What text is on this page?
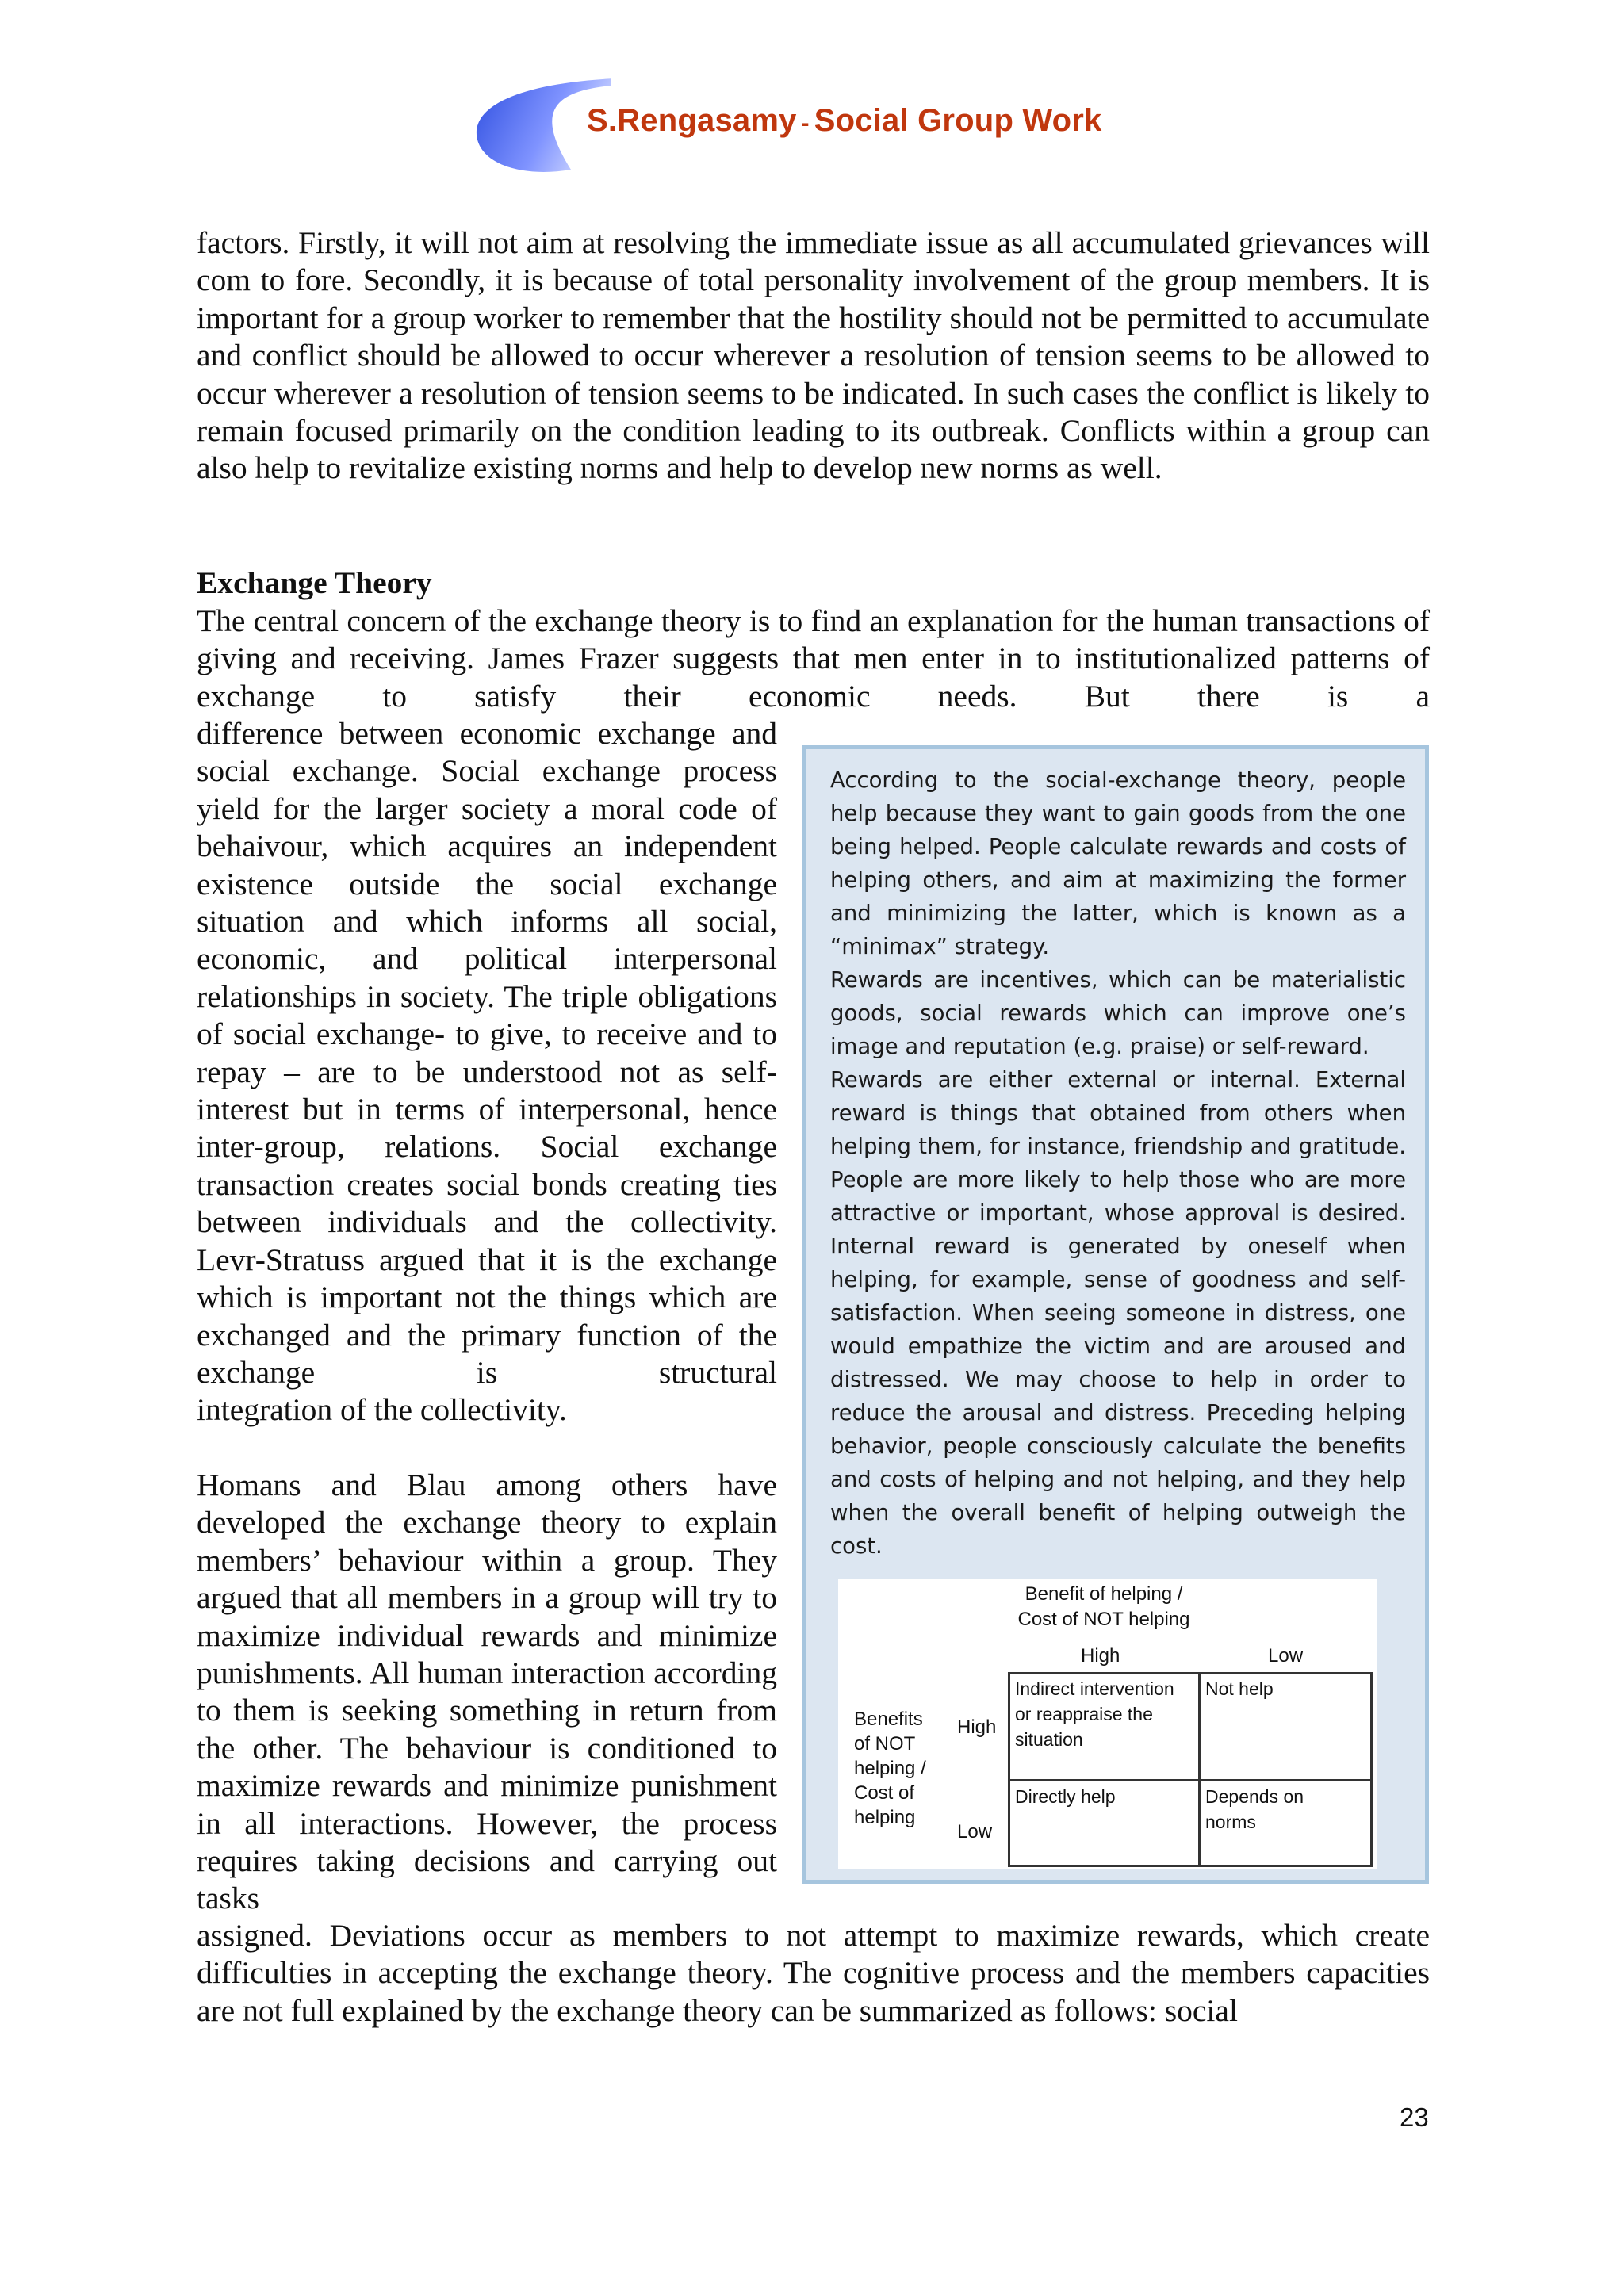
S.Rengasamy - Social Group Work

factors. Firstly, it will not aim at resolving the immediate issue as all accumulated grievances will com to fore. Secondly, it is because of total personality involvement of the group members. It is important for a group worker to remember that the hostility should not be permitted to accumulate and conflict should be allowed to occur wherever a resolution of tension seems to be allowed to occur wherever a resolution of tension seems to be indicated. In such cases the conflict is likely to remain focused primarily on the condition leading to its outbreak. Conflicts within a group can also help to revitalize existing norms and help to develop new norms as well.

Exchange Theory

The central concern of the exchange theory is to find an explanation for the human transactions of giving and receiving. James Frazer suggests that men enter in to institutionalized patterns of exchange to satisfy their economic needs. But there is a

difference between economic exchange and social exchange. Social exchange process yield for the larger society a moral code of behaivour, which acquires an independent existence outside the social exchange situation and which informs all social, economic, and political interpersonal relationships in society. The triple obligations of social exchange- to give, to receive and to repay – are to be understood not as self- interest but in terms of interpersonal, hence inter-group, relations. Social exchange transaction creates social bonds creating ties between individuals and the collectivity. Levr-Stratuss argued that it is the exchange which is important not the things which are exchanged and the primary function of the exchange is structural

integration of the collectivity.

Homans and Blau among others have developed the exchange theory to explain members’ behaviour within a group. They argued that all members in a group will try to maximize individual rewards and minimize punishments. All human interaction according to them is seeking something in return from the other. The behaviour is conditioned to maximize rewards and minimize punishment in all interactions. However, the process requires taking decisions and carrying out tasks

assigned. Deviations occur as members to not attempt to maximize rewards, which create difficulties in accepting the exchange theory. The cognitive process and the members capacities are not full explained by the exchange theory can be summarized as follows: social

According to the social-exchange theory, people help because they want to gain goods from the one being helped. People calculate rewards and costs of helping others, and aim at maximizing the former and minimizing the latter, which is known as a “minimax” strategy.

Rewards are incentives, which can be materialistic goods, social rewards which can improve one’s image and reputation (e.g. praise) or self-reward.

Rewards are either external or internal. External reward is things that obtained from others when helping them, for instance, friendship and gratitude. People are more likely to help those who are more attractive or important, whose approval is desired. Internal reward is generated by oneself when helping, for example, sense of goodness and self-satisfaction. When seeing someone in distress, one would empathize the victim and are aroused and distressed. We may choose to help in order to reduce the arousal and distress. Preceding helping behavior, people consciously calculate the benefits and costs of helping and not helping, and they help when the overall benefit of helping outweigh the cost.

Benefit of helping /
Cost of NOT helping
High	Low
Benefits
of NOT
helping /
Cost of
helping
High
Low
Indirect intervention
or reappraise the
situation
Not help
Directly help	Depends on
norms
23
